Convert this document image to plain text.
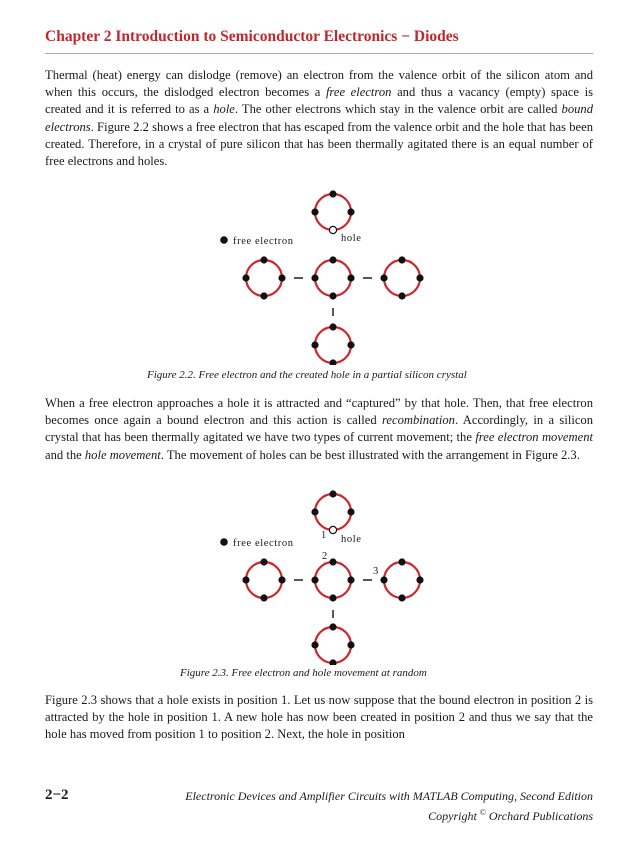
Chapter 2 Introduction to Semiconductor Electronics − Diodes

Thermal (heat) energy can dislodge (remove) an electron from the valence orbit of the silicon atom and when this occurs, the dislodged electron becomes a free electron and thus a vacancy (empty) space is created and it is referred to as a hole. The other electrons which stay in the valence orbit are called bound electrons. Figure 2.2 shows a free electron that has escaped from the valence orbit and the hole that has been created. Therefore, in a crystal of pure silicon that has been thermally agitated there is an equal number of free electrons and holes.

free electron	hole
Figure 2.2. Free electron and the created hole in a partial silicon crystal

When a free electron approaches a hole it is attracted and “captured” by that hole. Then, that free electron becomes once again a bound electron and this action is called recombination. Accordingly, in a silicon crystal that has been thermally agitated we have two types of current movement; the free electron movement and the hole movement. The movement of holes can be best illustrated with the arrangement in Figure 2.3.

free electron	hole
1
2
3
Figure 2.3. Free electron and hole movement at random

Figure 2.3 shows that a hole exists in position 1. Let us now suppose that the bound electron in position 2 is attracted by the hole in position 1. A new hole has now been created in position 2 and thus we say that the hole has moved from position 1 to position 2. Next, the hole in position

2−2	Electronic Devices and Amplifier Circuits with MATLAB Computing, Second Edition
Copyright © Orchard Publications
